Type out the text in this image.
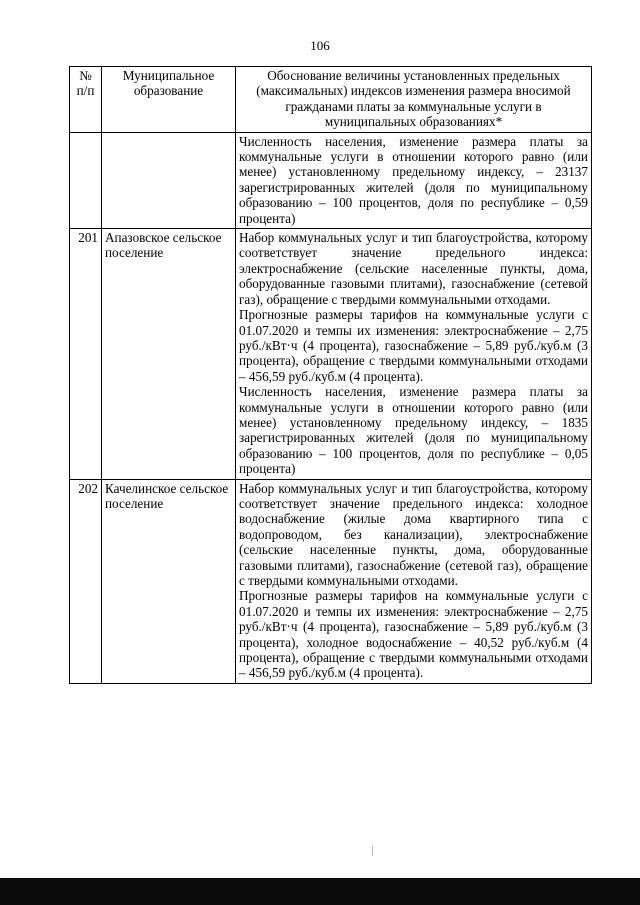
106
№ п/п	Муниципальное образование	Обоснование величины установленных предельных (максимальных) индексов изменения размера вносимой гражданами платы за коммунальные услуги в муниципальных образованиях*

		Численность населения, изменение размера платы за коммунальные услуги в отношении которого равно (или менее) установленному предельному индексу, – 23137 зарегистрированных жителей (доля по муниципальному образованию – 100 процентов, доля по республике – 0,59 процента)

201	Апазовское сельское поселение	Набор коммунальных услуг и тип благоустройства, которому соответствует значение предельного индекса: электроснабжение (сельские населенные пункты, дома, оборудованные газовыми плитами), газоснабжение (сетевой газ), обращение с твердыми коммунальными отходами.

Прогнозные размеры тарифов на коммунальные услуги с 01.07.2020 и темпы их изменения: электроснабжение – 2,75 руб./кВт·ч (4 процента), газоснабжение – 5,89 руб./куб.м (3 процента), обращение с твердыми коммунальными отходами – 456,59 руб./куб.м (4 процента).

Численность населения, изменение размера платы за коммунальные услуги в отношении которого равно (или менее) установленному предельному индексу, – 1835 зарегистрированных жителей (доля по муниципальному образованию – 100 процентов, доля по республике – 0,05 процента)

202	Качелинское сельское поселение	Набор коммунальных услуг и тип благоустройства, которому соответствует значение предельного индекса: холодное водоснабжение (жилые дома квартирного типа с водопроводом, без канализации), электроснабжение (сельские населенные пункты, дома, оборудованные газовыми плитами), газоснабжение (сетевой газ), обращение с твердыми коммунальными отходами.

Прогнозные размеры тарифов на коммунальные услуги с 01.07.2020 и темпы их изменения: электроснабжение – 2,75 руб./кВт·ч (4 процента), газоснабжение – 5,89 руб./куб.м (3 процента), холодное водоснабжение – 40,52 руб./куб.м (4 процента), обращение с твердыми коммунальными отходами – 456,59 руб./куб.м (4 процента).
